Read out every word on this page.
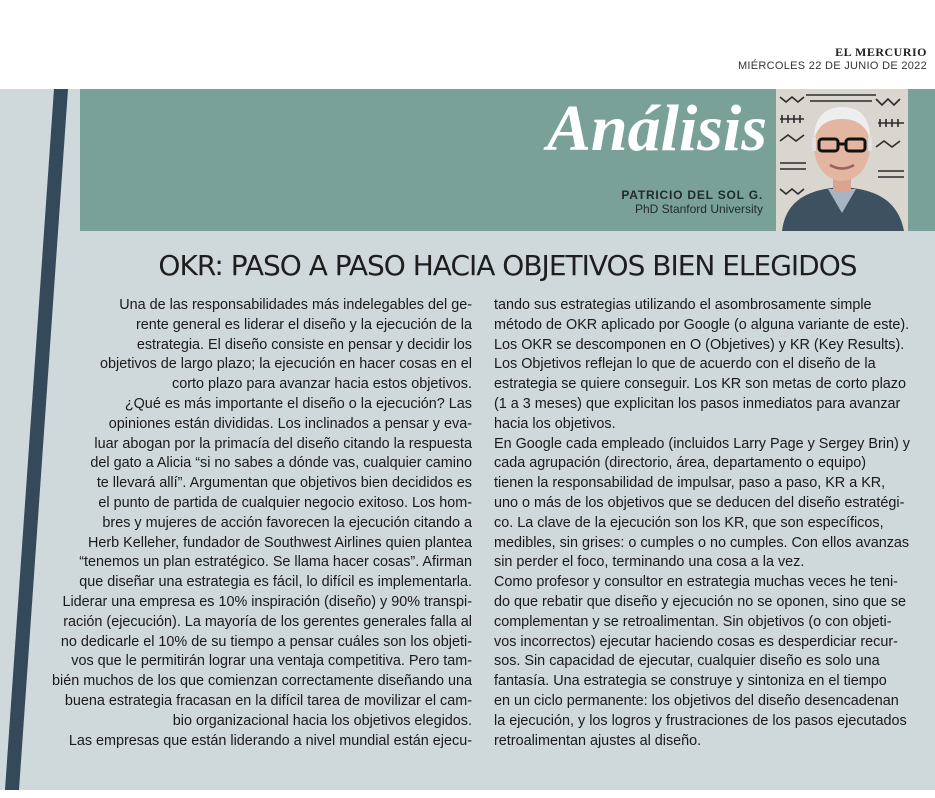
EL MERCURIO
MIÉRCOLES 22 DE JUNIO DE 2022
Análisis
PATRICIO DEL SOL G.
PhD Stanford University
OKR: PASO A PASO HACIA OBJETIVOS BIEN ELEGIDOS

Una de las responsabilidades más indelegables del ge-

rente general es liderar el diseño y la ejecución de la

estrategia. El diseño consiste en pensar y decidir los

objetivos de largo plazo; la ejecución en hacer cosas en el

corto plazo para avanzar hacia estos objetivos.

¿Qué es más importante el diseño o la ejecución? Las

opiniones están divididas. Los inclinados a pensar y eva-

luar abogan por la primacía del diseño citando la respuesta

del gato a Alicia “si no sabes a dónde vas, cualquier camino

te llevará allí”. Argumentan que objetivos bien decididos es

el punto de partida de cualquier negocio exitoso. Los hom-

bres y mujeres de acción favorecen la ejecución citando a

Herb Kelleher, fundador de Southwest Airlines quien plantea

“tenemos un plan estratégico. Se llama hacer cosas”. Afirman

que diseñar una estrategia es fácil, lo difícil es implementarla.

Liderar una empresa es 10% inspiración (diseño) y 90% transpi-

ración (ejecución). La mayoría de los gerentes generales falla al

no dedicarle el 10% de su tiempo a pensar cuáles son los objeti-

vos que le permitirán lograr una ventaja competitiva. Pero tam-

bién muchos de los que comienzan correctamente diseñando una

buena estrategia fracasan en la difícil tarea de movilizar el cam-

bio organizacional hacia los objetivos elegidos.

Las empresas que están liderando a nivel mundial están ejecu-

tando sus estrategias utilizando el asombrosamente simple

método de OKR aplicado por Google (o alguna variante de este).

Los OKR se descomponen en O (Objetives) y KR (Key Results).

Los Objetivos reflejan lo que de acuerdo con el diseño de la

estrategia se quiere conseguir. Los KR son metas de corto plazo

(1 a 3 meses) que explicitan los pasos inmediatos para avanzar

hacia los objetivos.

En Google cada empleado (incluidos Larry Page y Sergey Brin) y

cada agrupación (directorio, área, departamento o equipo)

tienen la responsabilidad de impulsar, paso a paso, KR a KR,

uno o más de los objetivos que se deducen del diseño estratégi-

co. La clave de la ejecución son los KR, que son específicos,

medibles, sin grises: o cumples o no cumples. Con ellos avanzas

sin perder el foco, terminando una cosa a la vez.

Como profesor y consultor en estrategia muchas veces he teni-

do que rebatir que diseño y ejecución no se oponen, sino que se

complementan y se retroalimentan. Sin objetivos (o con objeti-

vos incorrectos) ejecutar haciendo cosas es desperdiciar recur-

sos. Sin capacidad de ejecutar, cualquier diseño es solo una

fantasía. Una estrategia se construye y sintoniza en el tiempo

en un ciclo permanente: los objetivos del diseño desencadenan

la ejecución, y los logros y frustraciones de los pasos ejecutados

retroalimentan ajustes al diseño.
